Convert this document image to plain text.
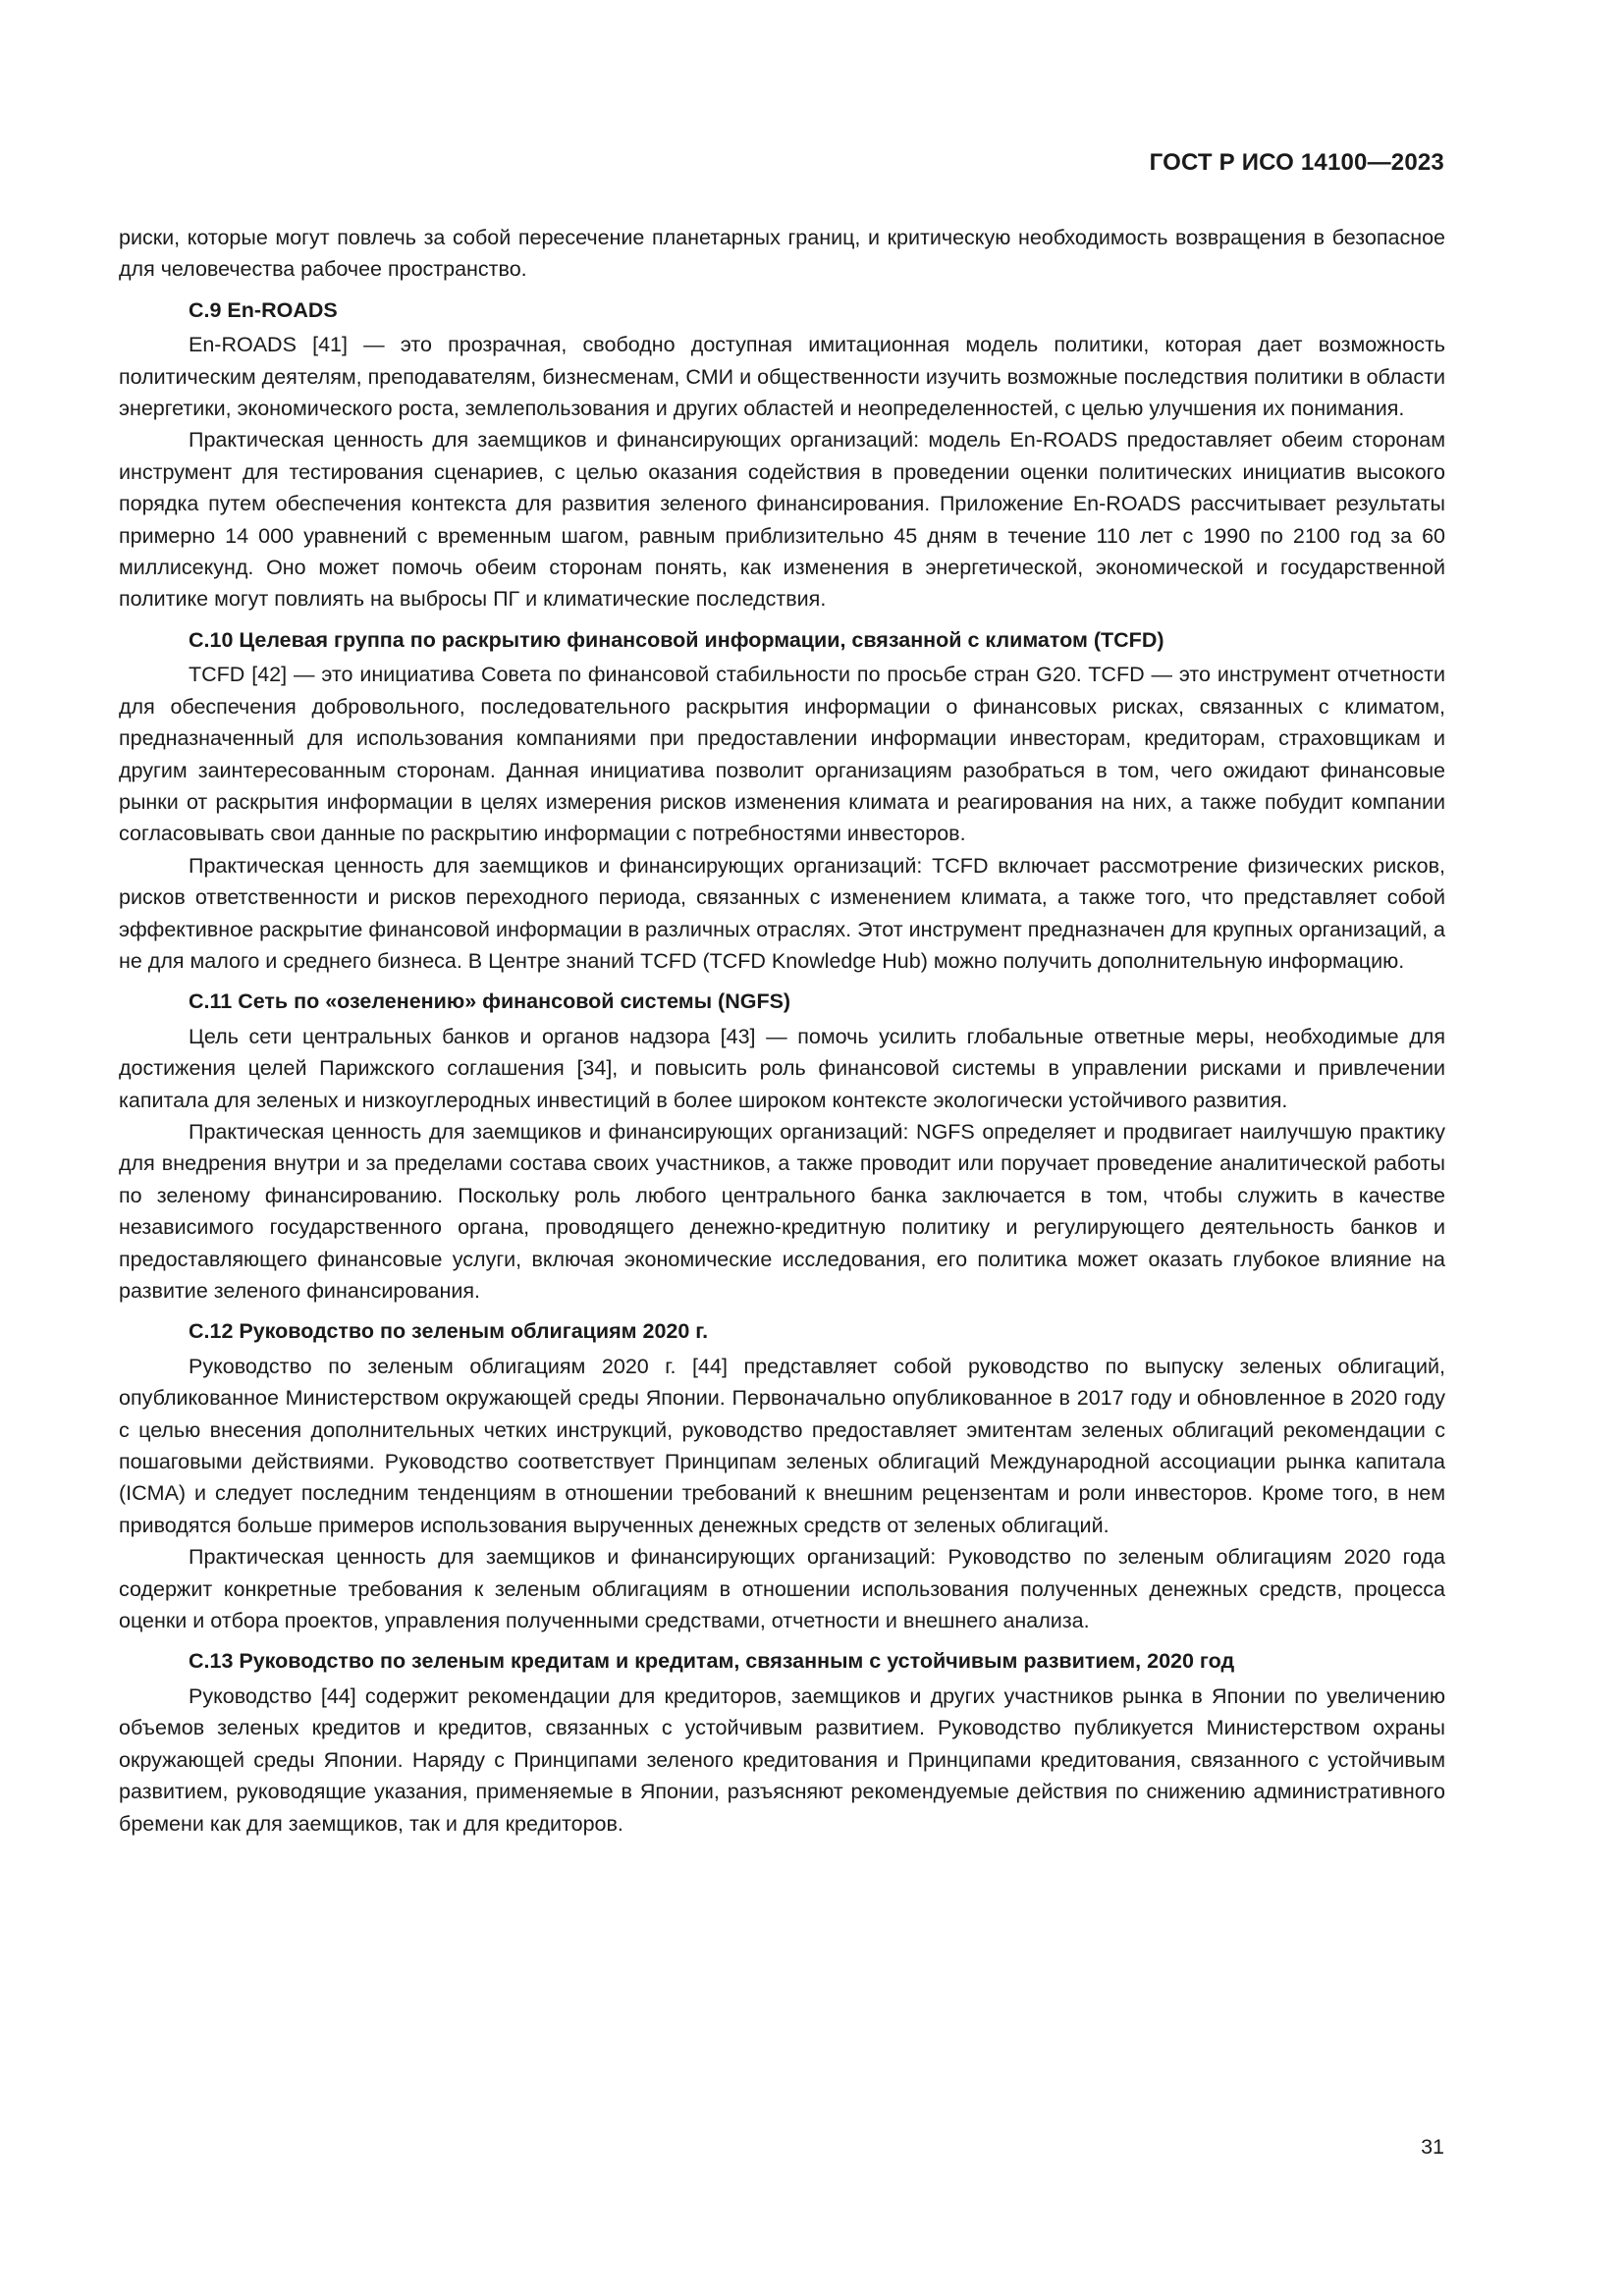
ГОСТ Р ИСО 14100—2023

риски, которые могут повлечь за собой пересечение планетарных границ, и критическую необходимость возвращения в безопасное для человечества рабочее пространство.

C.9 En-ROADS

En-ROADS [41] — это прозрачная, свободно доступная имитационная модель политики, которая дает возможность политическим деятелям, преподавателям, бизнесменам, СМИ и общественности изучить возможные последствия политики в области энергетики, экономического роста, землепользования и других областей и неопределенностей, с целью улучшения их понимания.

Практическая ценность для заемщиков и финансирующих организаций: модель En-ROADS предоставляет обеим сторонам инструмент для тестирования сценариев, с целью оказания содействия в проведении оценки политических инициатив высокого порядка путем обеспечения контекста для развития зеленого финансирования. Приложение En-ROADS рассчитывает результаты примерно 14 000 уравнений с временным шагом, равным приблизительно 45 дням в течение 110 лет с 1990 по 2100 год за 60 миллисекунд. Оно может помочь обеим сторонам понять, как изменения в энергетической, экономической и государственной политике могут повлиять на выбросы ПГ и климатические последствия.

C.10 Целевая группа по раскрытию финансовой информации, связанной с климатом (TCFD)

TCFD [42] — это инициатива Совета по финансовой стабильности по просьбе стран G20. TCFD — это инструмент отчетности для обеспечения добровольного, последовательного раскрытия информации о финансовых рисках, связанных с климатом, предназначенный для использования компаниями при предоставлении информации инвесторам, кредиторам, страховщикам и другим заинтересованным сторонам. Данная инициатива позволит организациям разобраться в том, чего ожидают финансовые рынки от раскрытия информации в целях измерения рисков изменения климата и реагирования на них, а также побудит компании согласовывать свои данные по раскрытию информации с потребностями инвесторов.

Практическая ценность для заемщиков и финансирующих организаций: TCFD включает рассмотрение физических рисков, рисков ответственности и рисков переходного периода, связанных с изменением климата, а также того, что представляет собой эффективное раскрытие финансовой информации в различных отраслях. Этот инструмент предназначен для крупных организаций, а не для малого и среднего бизнеса. В Центре знаний TCFD (TCFD Knowledge Hub) можно получить дополнительную информацию.

C.11 Сеть по «озеленению» финансовой системы (NGFS)

Цель сети центральных банков и органов надзора [43] — помочь усилить глобальные ответные меры, необходимые для достижения целей Парижского соглашения [34], и повысить роль финансовой системы в управлении рисками и привлечении капитала для зеленых и низкоуглеродных инвестиций в более широком контексте экологически устойчивого развития.

Практическая ценность для заемщиков и финансирующих организаций: NGFS определяет и продвигает наилучшую практику для внедрения внутри и за пределами состава своих участников, а также проводит или поручает проведение аналитической работы по зеленому финансированию. Поскольку роль любого центрального банка заключается в том, чтобы служить в качестве независимого государственного органа, проводящего денежно-кредитную политику и регулирующего деятельность банков и предоставляющего финансовые услуги, включая экономические исследования, его политика может оказать глубокое влияние на развитие зеленого финансирования.

C.12 Руководство по зеленым облигациям 2020 г.

Руководство по зеленым облигациям 2020 г. [44] представляет собой руководство по выпуску зеленых облигаций, опубликованное Министерством окружающей среды Японии. Первоначально опубликованное в 2017 году и обновленное в 2020 году с целью внесения дополнительных четких инструкций, руководство предоставляет эмитентам зеленых облигаций рекомендации с пошаговыми действиями. Руководство соответствует Принципам зеленых облигаций Международной ассоциации рынка капитала (ICMA) и следует последним тенденциям в отношении требований к внешним рецензентам и роли инвесторов. Кроме того, в нем приводятся больше примеров использования вырученных денежных средств от зеленых облигаций.

Практическая ценность для заемщиков и финансирующих организаций: Руководство по зеленым облигациям 2020 года содержит конкретные требования к зеленым облигациям в отношении использования полученных денежных средств, процесса оценки и отбора проектов, управления полученными средствами, отчетности и внешнего анализа.

C.13 Руководство по зеленым кредитам и кредитам, связанным с устойчивым развитием, 2020 год

Руководство [44] содержит рекомендации для кредиторов, заемщиков и других участников рынка в Японии по увеличению объемов зеленых кредитов и кредитов, связанных с устойчивым развитием. Руководство публикуется Министерством охраны окружающей среды Японии. Наряду с Принципами зеленого кредитования и Принципами кредитования, связанного с устойчивым развитием, руководящие указания, применяемые в Японии, разъясняют рекомендуемые действия по снижению административного бремени как для заемщиков, так и для кредиторов.

31
